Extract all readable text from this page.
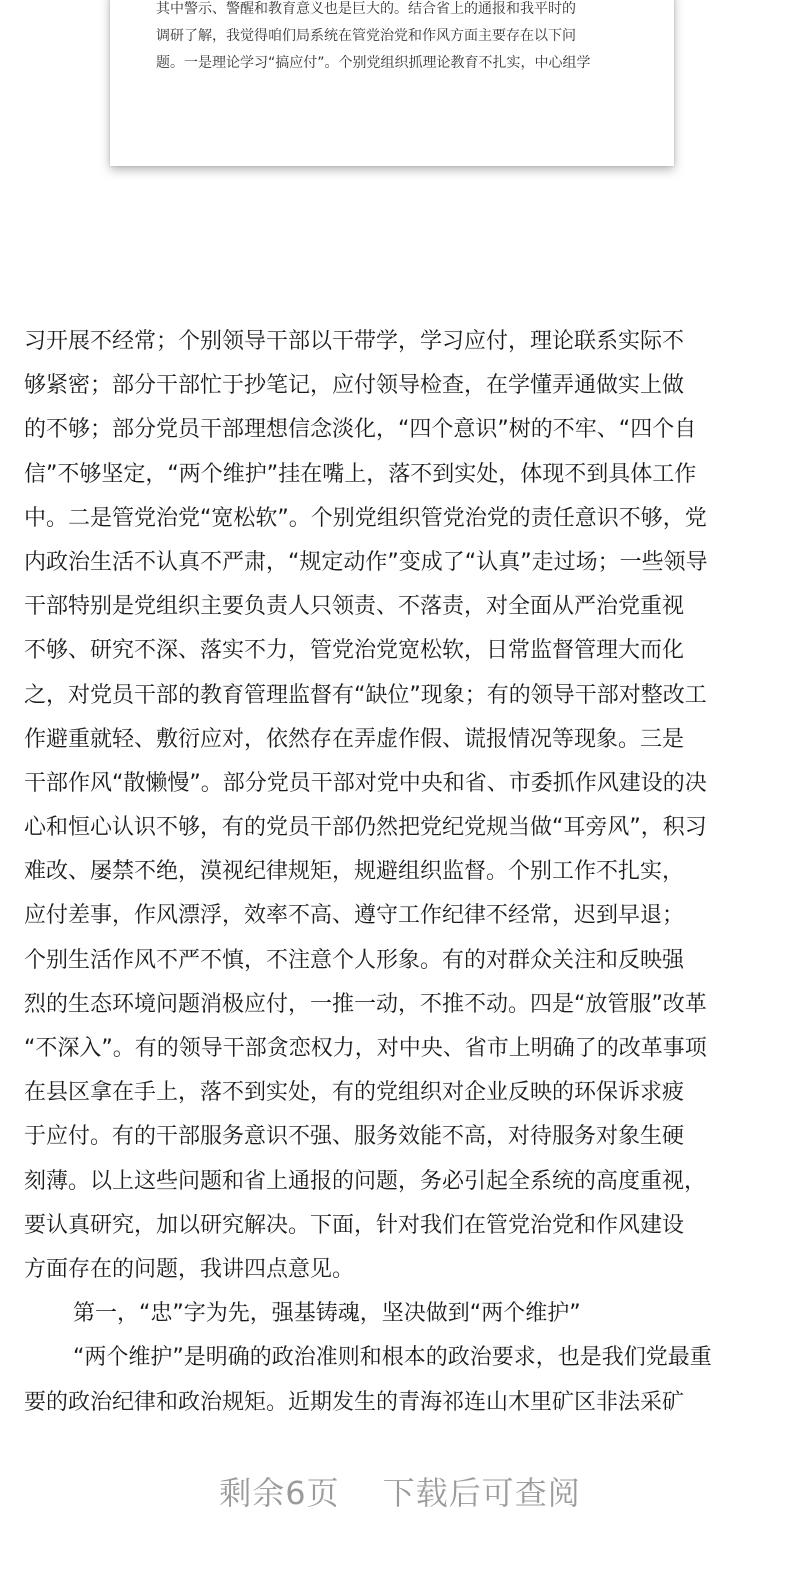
其中警示、警醒和教育意义也是巨大的。结合省上的通报和我平时的
调研了解，我觉得咱们局系统在管党治党和作风方面主要存在以下问
题。一是理论学习“搞应付”。个别党组织抓理论教育不扎实，中心组学
习开展不经常；个别领导干部以干带学，学习应付，理论联系实际不
够紧密；部分干部忙于抄笔记，应付领导检查，在学懂弄通做实上做
的不够；部分党员干部理想信念淡化，“四个意识”树的不牢、“四个自
信”不够坚定，“两个维护”挂在嘴上，落不到实处，体现不到具体工作
中。二是管党治党“宽松软”。个别党组织管党治党的责任意识不够，党
内政治生活不认真不严肃，“规定动作”变成了“认真”走过场；一些领导
干部特别是党组织主要负责人只领责、不落责，对全面从严治党重视
不够、研究不深、落实不力，管党治党宽松软，日常监督管理大而化
之，对党员干部的教育管理监督有“缺位”现象；有的领导干部对整改工
作避重就轻、敷衍应对，依然存在弄虚作假、谎报情况等现象。三是
干部作风“散懒慢”。部分党员干部对党中央和省、市委抓作风建设的决
心和恒心认识不够，有的党员干部仍然把党纪党规当做“耳旁风”，积习
难改、屡禁不绝，漠视纪律规矩，规避组织监督。个别工作不扎实，
应付差事，作风漂浮，效率不高、遵守工作纪律不经常，迟到早退；
个别生活作风不严不慎，不注意个人形象。有的对群众关注和反映强
烈的生态环境问题消极应付，一推一动，不推不动。四是“放管服”改革
“不深入”。有的领导干部贪恋权力，对中央、省市上明确了的改革事项
在县区拿在手上，落不到实处，有的党组织对企业反映的环保诉求疲
于应付。有的干部服务意识不强、服务效能不高，对待服务对象生硬
刻薄。以上这些问题和省上通报的问题，务必引起全系统的高度重视，
要认真研究，加以研究解决。下面，针对我们在管党治党和作风建设
方面存在的问题，我讲四点意见。
第一，“忠”字为先，强基铸魂，坚决做到“两个维护”
“两个维护”是明确的政治准则和根本的政治要求，也是我们党最重
要的政治纪律和政治规矩。近期发生的青海祁连山木里矿区非法采矿
剩余6页 下载后可查阅
